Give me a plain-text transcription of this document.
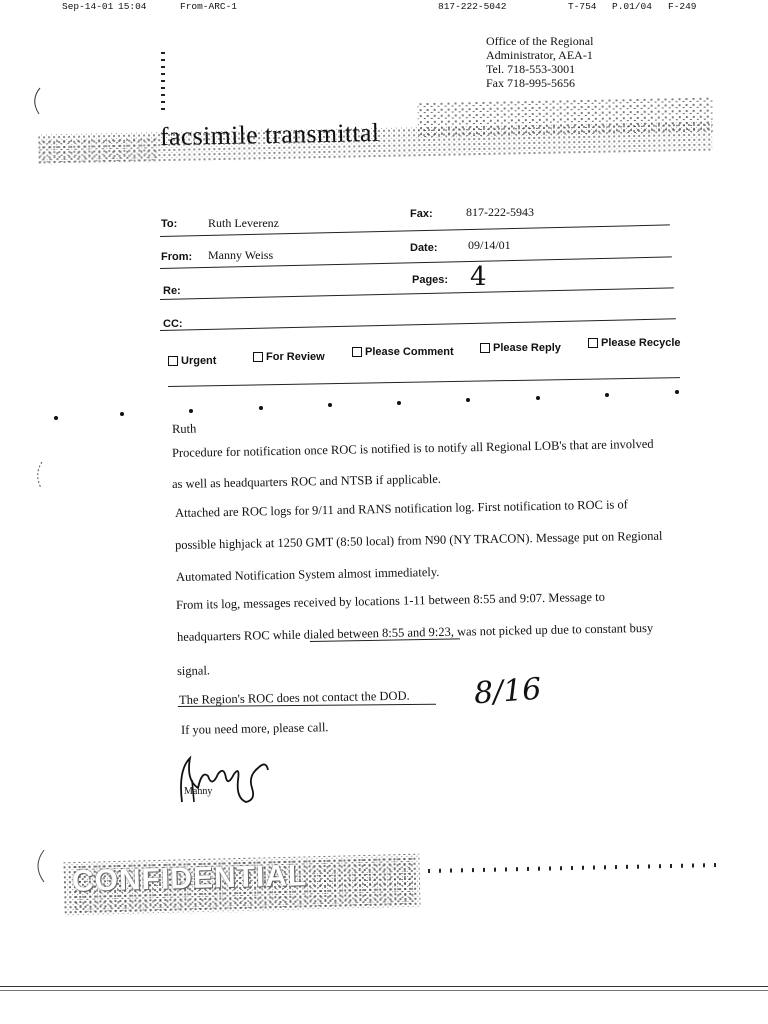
Sep-14-01 15:04	From-ARC-1	817-222-5042	T-754 P.01/04 F-249
Office of the Regional
Administrator, AEA-1
Tel. 718-553-3001
Fax 718-995-5656
facsimile transmittal
To:	Ruth Leverenz
Fax:	817-222-5943
From: Manny Weiss	Date:	09/14/01
Re:
Pages: 4
CC:
Urgent	For Review	Please Comment	Please Reply	Please Recycle
Ruth
Procedure for notification once ROC is notified is to notify all Regional LOB's that are involved
as well as headquarters ROC and NTSB if applicable.
Attached are ROC logs for 9/11 and RANS notification log. First notification to ROC is of
possible highjack at 1250 GMT (8:50 local) from N90 (NY TRACON). Message put on Regional
Automated Notification System almost immediately.
From its log, messages received by locations 1-11 between 8:55 and 9:07. Message to
headquarters ROC while dialed between 8:55 and 9:23, was not picked up due to constant busy
signal.
The Region's ROC does not contact the DOD.
If you need more, please call.
8/16
Manny
CONFIDENTIAL
